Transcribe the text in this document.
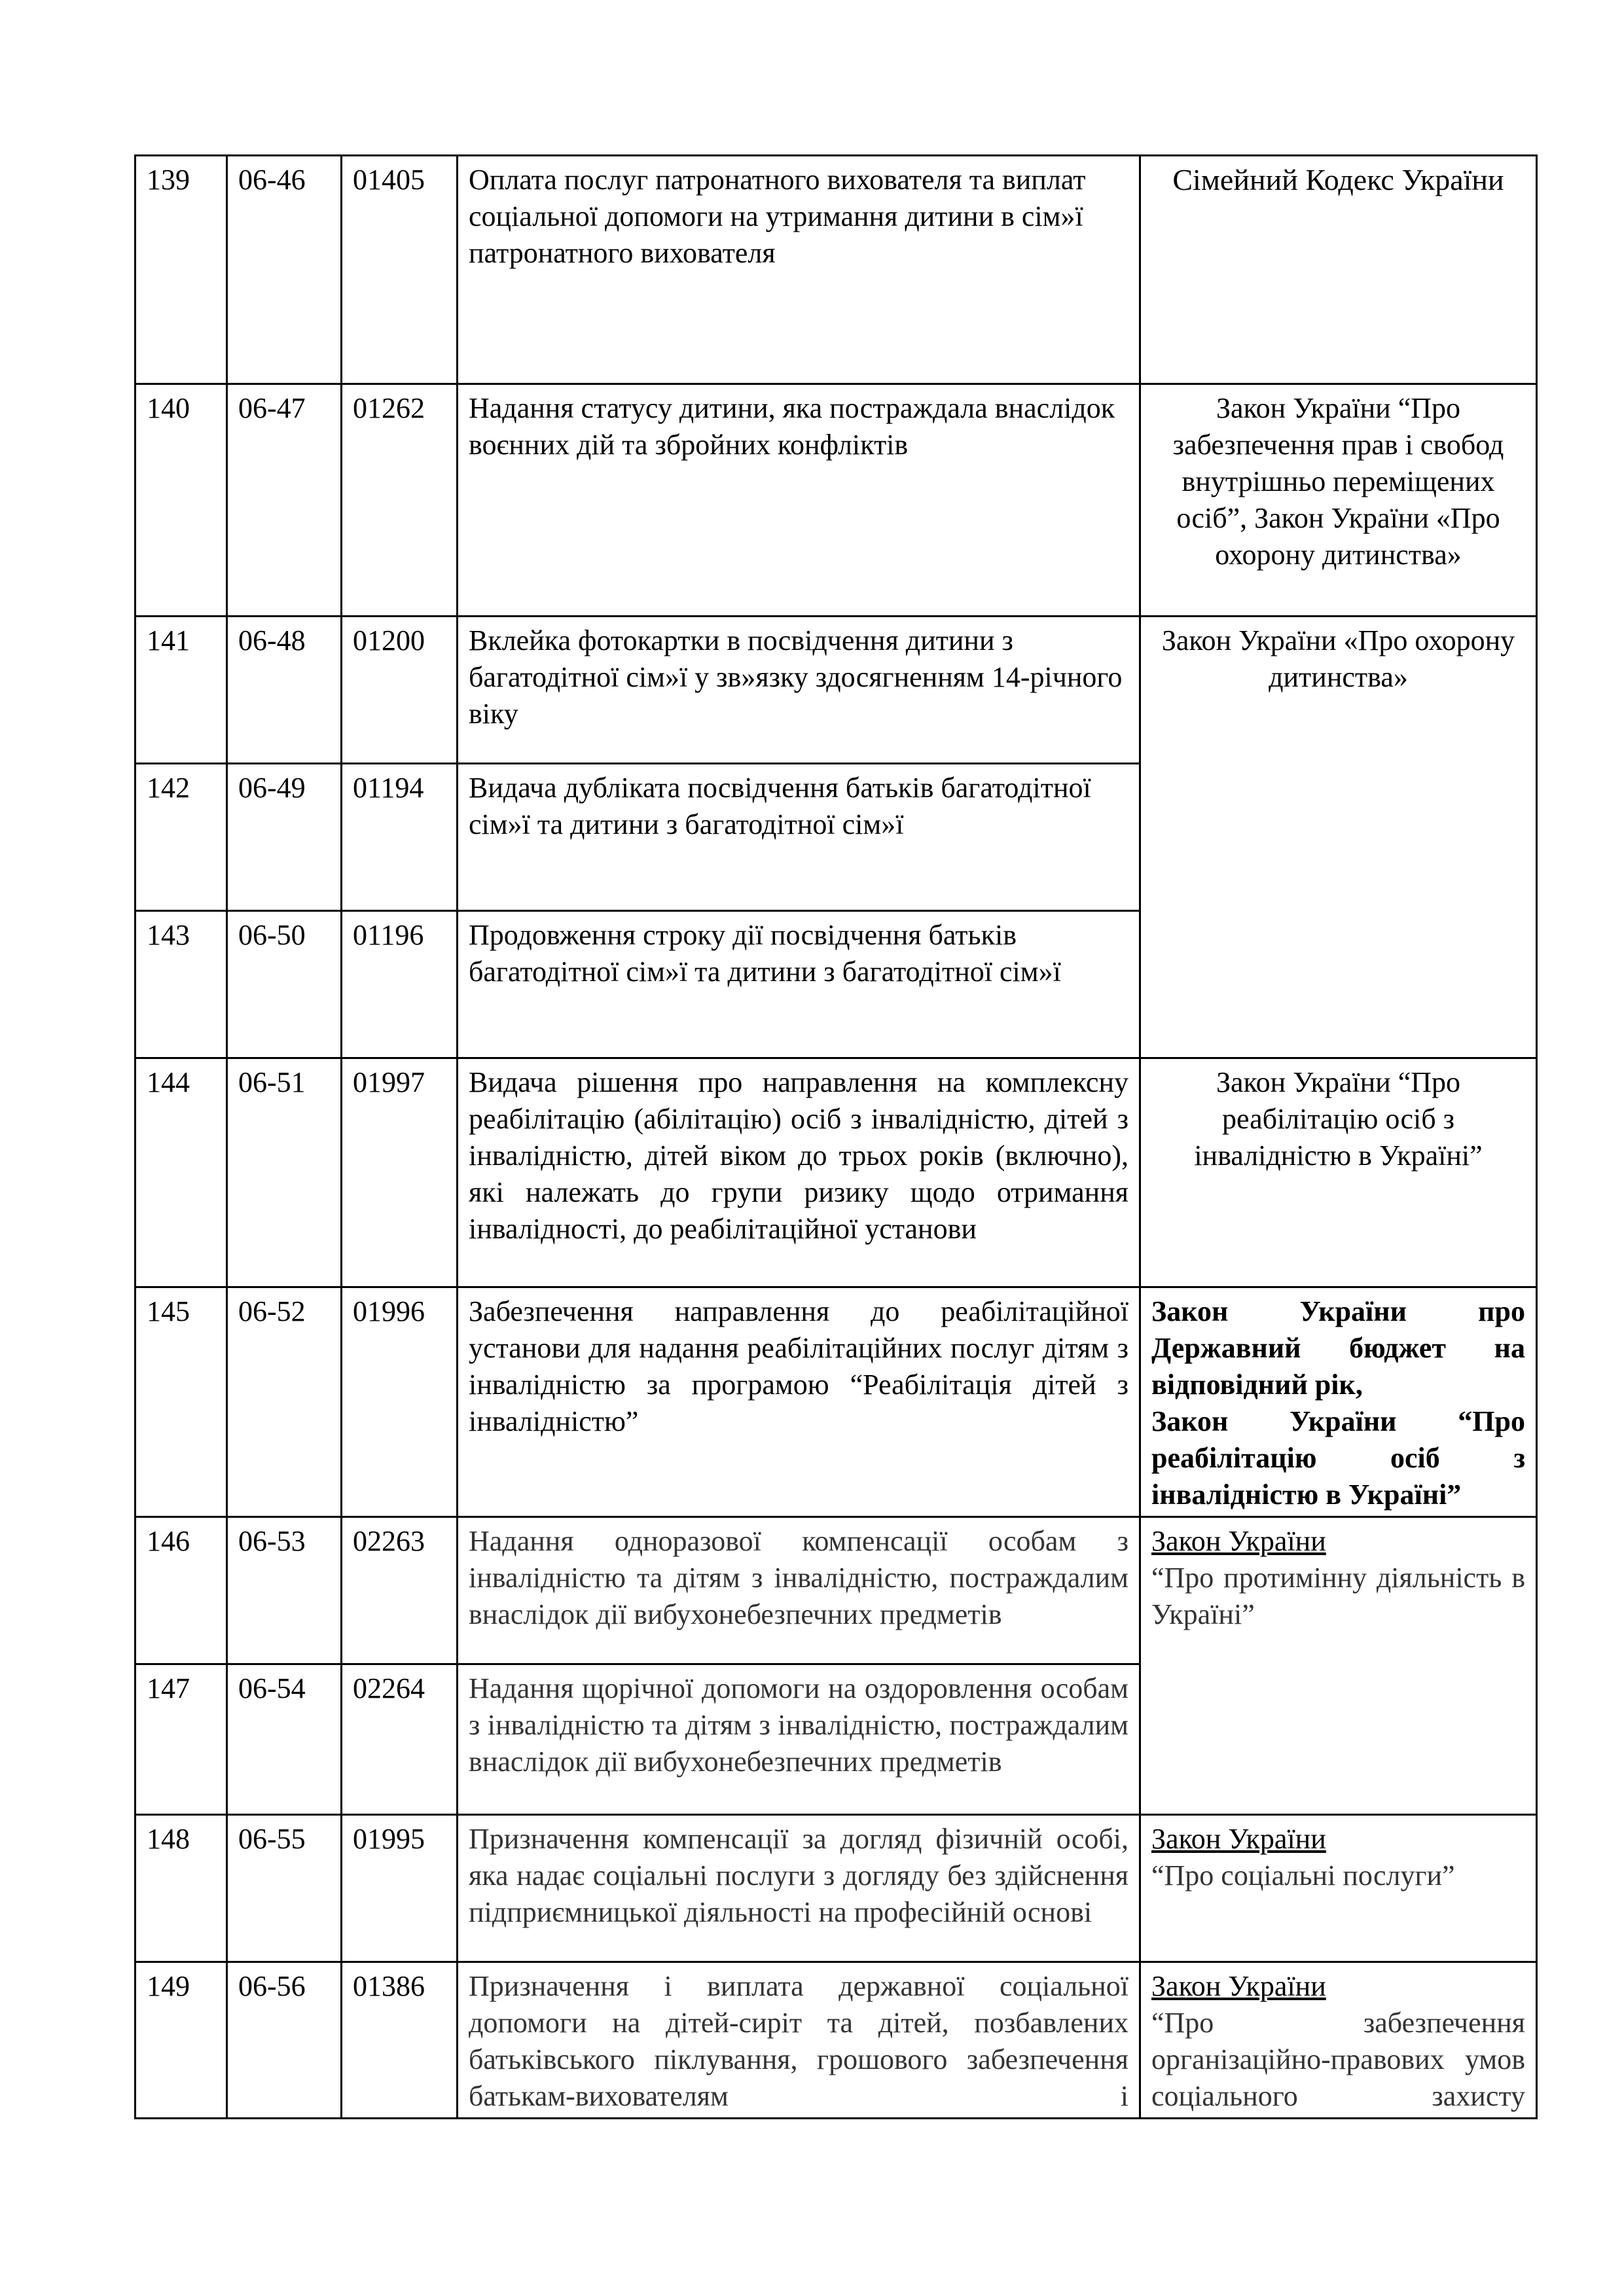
139	06-46	01405	Оплата послуг патронатного вихователя та виплат соціальної допомоги на утримання дитини в сім»ї патронатного вихователя	Сімейний Кодекс України
140	06-47	01262	Надання статусу дитини, яка постраждала внаслідок воєнних дій та збройних конфліктів	Закон України “Про забезпечення прав і свобод внутрішньо переміщених осіб”, Закон України «Про охорону дитинства»
141	06-48	01200	Вклейка фотокартки в посвідчення дитини з багатодітної сім»ї у зв»язку здосягненням 14-річного віку	Закон України «Про охорону дитинства»
142	06-49	01194	Видача дубліката посвідчення батьків багатодітної сім»ї та дитини з багатодітної сім»ї	
143	06-50	01196	Продовження строку дії посвідчення батьків багатодітної сім»ї та дитини з багатодітної сім»ї	
144	06-51	01997	Видача рішення про направлення на комплексну реабілітацію (абілітацію) осіб з інвалідністю, дітей з інвалідністю, дітей віком до трьох років (включно), які належать до групи ризику щодо отримання інвалідності, до реабілітаційної установи	Закон України “Про реабілітацію осіб з інвалідністю в Україні”
145	06-52	01996	Забезпечення направлення до реабілітаційної установи для надання реабілітаційних послуг дітям з інвалідністю за програмою “Реабілітація дітей з інвалідністю”	Закон України про Державний бюджет на відповідний рік,
Закон України “Про реабілітацію осіб з інвалідністю в Україні”

146	06-53	02263	Надання одноразової компенсації особам з інвалідністю та дітям з інвалідністю, постраждалим внаслідок дії вибухонебезпечних предметів	Закон України
“Про протимінну діяльність в Україні”

147	06-54	02264	Надання щорічної допомоги на оздоровлення особам з інвалідністю та дітям з інвалідністю, постраждалим внаслідок дії вибухонебезпечних предметів	
148	06-55	01995	Призначення компенсації за догляд фізичній особі, яка надає соціальні послуги з догляду без здійснення підприємницької діяльності на професійній основі	Закон України
“Про соціальні послуги”

149	06-56	01386	Призначення і виплата державної соціальної допомоги на дітей-сиріт та дітей, позбавлених батьківського піклування, грошового забезпечення батькам-вихователям і	Закон України
“Про забезпечення організаційно-правових умов соціального захисту
